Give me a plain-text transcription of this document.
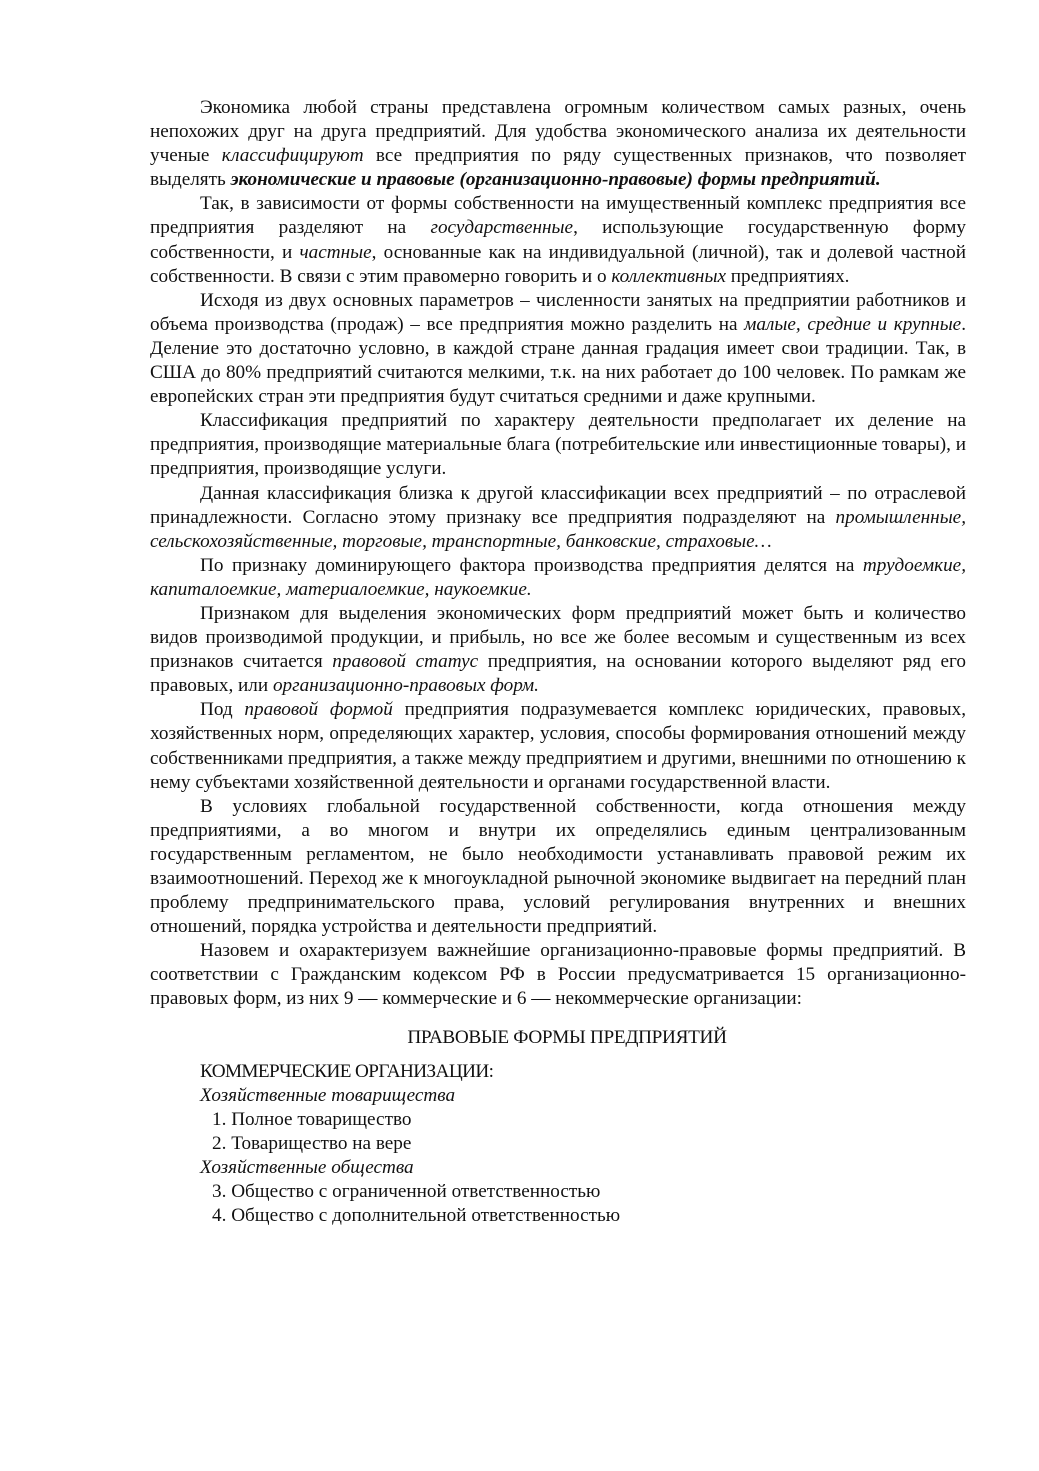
Экономика любой страны представлена огромным количеством самых разных, очень непохожих друг на друга предприятий. Для удобства экономического анализа их деятельности ученые классифицируют все предприятия по ряду существенных признаков, что позволяет выделять экономические и правовые (организационно-правовые) формы предприятий.

Так, в зависимости от формы собственности на имущественный комплекс предприятия все предприятия разделяют на государственные, использующие государственную форму собственности, и частные, основанные как на индивидуальной (личной), так и долевой частной собственности. В связи с этим правомерно говорить и о коллективных предприятиях.

Исходя из двух основных параметров – численности занятых на предприятии работников и объема производства (продаж) – все предприятия можно разделить на малые, средние и крупные. Деление это достаточно условно, в каждой стране данная градация имеет свои традиции. Так, в США до 80% предприятий считаются мелкими, т.к. на них работает до 100 человек. По рамкам же европейских стран эти предприятия будут считаться средними и даже крупными.

Классификация предприятий по характеру деятельности предполагает их деление на предприятия, производящие материальные блага (потребительские или инвестиционные товары), и предприятия, производящие услуги.

Данная классификация близка к другой классификации всех предприятий – по отраслевой принадлежности. Согласно этому признаку все предприятия подразделяют на промышленные, сельскохозяйственные, торговые, транспортные, банковские, страховые…

По признаку доминирующего фактора производства предприятия делятся на трудоемкие, капиталоемкие, материалоемкие, наукоемкие.

Признаком для выделения экономических форм предприятий может быть и количество видов производимой продукции, и прибыль, но все же более весомым и существенным из всех признаков считается правовой статус предприятия, на основании которого выделяют ряд его правовых, или организационно-правовых форм.

Под правовой формой предприятия подразумевается комплекс юридических, правовых, хозяйственных норм, определяющих характер, условия, способы формирования отношений между собственниками предприятия, а также между предприятием и другими, внешними по отношению к нему субъектами хозяйственной деятельности и органами государственной власти.

В условиях глобальной государственной собственности, когда отношения между предприятиями, а во многом и внутри их определялись единым централизованным государственным регламентом, не было необходимости устанавливать правовой режим их взаимоотношений. Переход же к многоукладной рыночной экономике выдвигает на передний план проблему предпринимательского права, условий регулирования внутренних и внешних отношений, порядка устройства и деятельности предприятий.

Назовем и охарактеризуем важнейшие организационно-правовые формы предприятий. В соответствии с Гражданским кодексом РФ в России предусматривается 15 организационно-правовых форм, из них 9 — коммерческие и 6 — некоммерческие организации:

ПРАВОВЫЕ ФОРМЫ ПРЕДПРИЯТИЙ

КОММЕРЧЕСКИЕ ОРГАНИЗАЦИИ:

Хозяйственные товарищества

1. Полное товарищество

2. Товарищество на вере

Хозяйственные общества

3. Общество с ограниченной ответственностью

4. Общество с дополнительной ответственностью
